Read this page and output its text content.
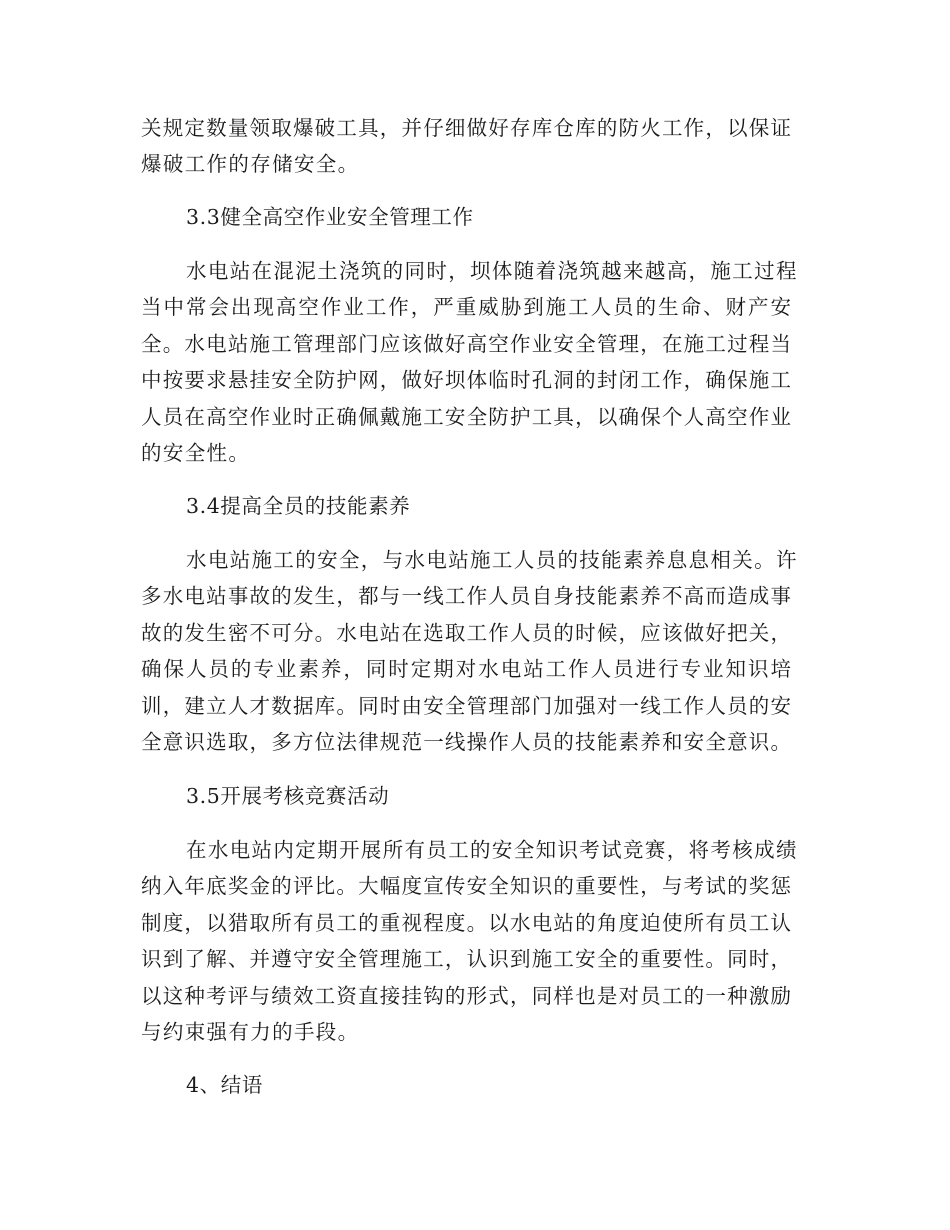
关规定数量领取爆破工具，并仔细做好存库仓库的防火工作，以保证
爆破工作的存储安全。
3.3健全高空作业安全管理工作
水电站在混泥土浇筑的同时，坝体随着浇筑越来越高，施工过程
当中常会出现高空作业工作，严重威胁到施工人员的生命、财产安
全。水电站施工管理部门应该做好高空作业安全管理，在施工过程当
中按要求悬挂安全防护网，做好坝体临时孔洞的封闭工作，确保施工
人员在高空作业时正确佩戴施工安全防护工具，以确保个人高空作业
的安全性。
3.4提高全员的技能素养
水电站施工的安全，与水电站施工人员的技能素养息息相关。许
多水电站事故的发生，都与一线工作人员自身技能素养不高而造成事
故的发生密不可分。水电站在选取工作人员的时候，应该做好把关，
确保人员的专业素养，同时定期对水电站工作人员进行专业知识培
训，建立人才数据库。同时由安全管理部门加强对一线工作人员的安
全意识选取，多方位法律规范一线操作人员的技能素养和安全意识。
3.5开展考核竞赛活动
在水电站内定期开展所有员工的安全知识考试竞赛，将考核成绩
纳入年底奖金的评比。大幅度宣传安全知识的重要性，与考试的奖惩
制度，以猎取所有员工的重视程度。以水电站的角度迫使所有员工认
识到了解、并遵守安全管理施工，认识到施工安全的重要性。同时，
以这种考评与绩效工资直接挂钩的形式，同样也是对员工的一种激励
与约束强有力的手段。
4、结语
